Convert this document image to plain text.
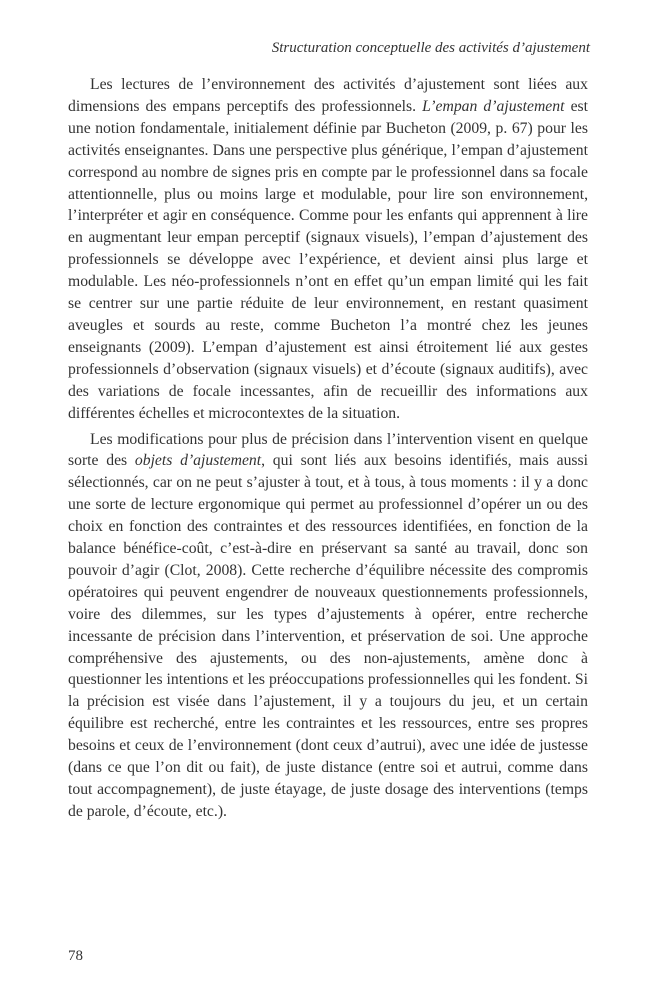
Structuration conceptuelle des activités d’ajustement

Les lectures de l’environnement des activités d’ajustement sont liées aux dimensions des empans perceptifs des professionnels. L’empan d’ajustement est une notion fondamentale, initialement définie par Bucheton (2009, p. 67) pour les activités enseignantes. Dans une perspective plus générique, l’empan d’ajustement correspond au nombre de signes pris en compte par le professionnel dans sa focale attentionnelle, plus ou moins large et modulable, pour lire son environnement, l’interpréter et agir en conséquence. Comme pour les enfants qui apprennent à lire en augmentant leur empan perceptif (signaux visuels), l’empan d’ajustement des professionnels se développe avec l’expérience, et devient ainsi plus large et modulable. Les néo-professionnels n’ont en effet qu’un empan limité qui les fait se centrer sur une partie réduite de leur environnement, en restant quasiment aveugles et sourds au reste, comme Bucheton l’a montré chez les jeunes enseignants (2009). L’empan d’ajustement est ainsi étroitement lié aux gestes professionnels d’observation (signaux visuels) et d’écoute (signaux auditifs), avec des variations de focale incessantes, afin de recueillir des informations aux différentes échelles et microcontextes de la situation.

Les modifications pour plus de précision dans l’intervention visent en quelque sorte des objets d’ajustement, qui sont liés aux besoins identifiés, mais aussi sélectionnés, car on ne peut s’ajuster à tout, et à tous, à tous moments : il y a donc une sorte de lecture ergonomique qui permet au professionnel d’opérer un ou des choix en fonction des contraintes et des ressources identifiées, en fonction de la balance bénéfice-coût, c’est-à-dire en préservant sa santé au travail, donc son pouvoir d’agir (Clot, 2008). Cette recherche d’équilibre nécessite des compromis opératoires qui peuvent engendrer de nouveaux questionnements professionnels, voire des dilemmes, sur les types d’ajustements à opérer, entre recherche incessante de précision dans l’intervention, et préservation de soi. Une approche compréhensive des ajustements, ou des non-ajustements, amène donc à questionner les intentions et les préoccupations professionnelles qui les fondent. Si la précision est visée dans l’ajustement, il y a toujours du jeu, et un certain équilibre est recherché, entre les contraintes et les ressources, entre ses propres besoins et ceux de l’environnement (dont ceux d’autrui), avec une idée de justesse (dans ce que l’on dit ou fait), de juste distance (entre soi et autrui, comme dans tout accompagnement), de juste étayage, de juste dosage des interventions (temps de parole, d’écoute, etc.).

78
